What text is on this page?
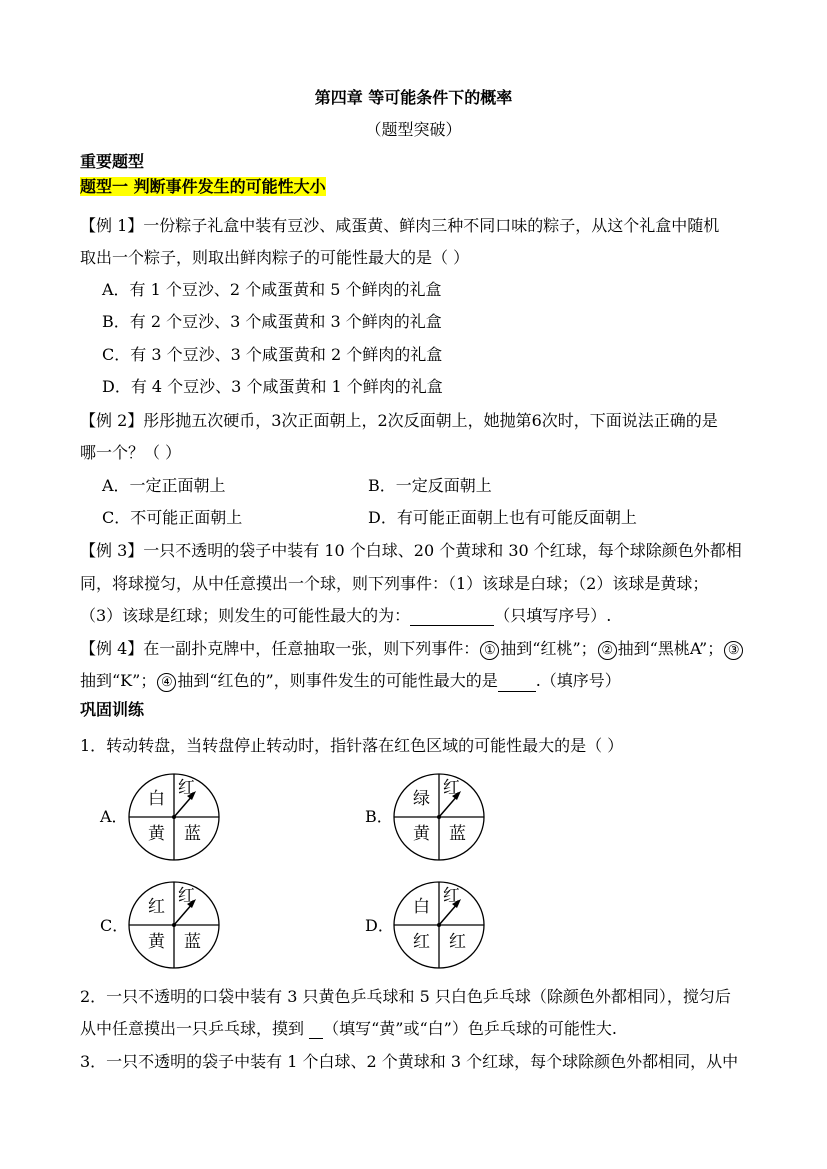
第四章 等可能条件下的概率
（题型突破）
重要题型
题型一 判断事件发生的可能性大小
【例 1】一份粽子礼盒中装有豆沙、咸蛋黄、鲜肉三种不同口味的粽子，从这个礼盒中随机
取出一个粽子，则取出鲜肉粽子的可能性最大的是（ ）
A．有 1 个豆沙、2 个咸蛋黄和 5 个鲜肉的礼盒
B．有 2 个豆沙、3 个咸蛋黄和 3 个鲜肉的礼盒
C．有 3 个豆沙、3 个咸蛋黄和 2 个鲜肉的礼盒
D．有 4 个豆沙、3 个咸蛋黄和 1 个鲜肉的礼盒
【例 2】彤彤抛五次硬币，3次正面朝上，2次反面朝上，她抛第6次时，下面说法正确的是
哪一个？（ ）
A．一定正面朝上	B．一定反面朝上
C．不可能正面朝上	D．有可能正面朝上也有可能反面朝上
【例 3】一只不透明的袋子中装有 10 个白球、20 个黄球和 30 个红球，每个球除颜色外都相
同，将球搅匀，从中任意摸出一个球，则下列事件：（1）该球是白球；（2）该球是黄球；
（3）该球是红球；则发生的可能性最大的为：	（只填写序号）.
【例 4】在一副扑克牌中，任意抽取一张，则下列事件： ① 抽到“红桃”； ② 抽到“黑桃A”； ③
抽到“K”； ④ 抽到“红色的”，则事件发生的可能性最大的是 .（填序号）
巩固训练
1．转动转盘，当转盘停止转动时，指针落在红色区域的可能性最大的是（ ）
A．
白
红
黄 蓝
B．
绿
红
黄 蓝
C．
红
红
黄 蓝
D．
白
红
红 红
2．一只不透明的口袋中装有 3 只黄色乒乓球和 5 只白色乒乓球（除颜色外都相同），搅匀后
从中任意摸出一只乒乓球，摸到 （填写“黄”或“白”）色乒乓球的可能性大.
3．一只不透明的袋子中装有 1 个白球、2 个黄球和 3 个红球，每个球除颜色外都相同，从中
